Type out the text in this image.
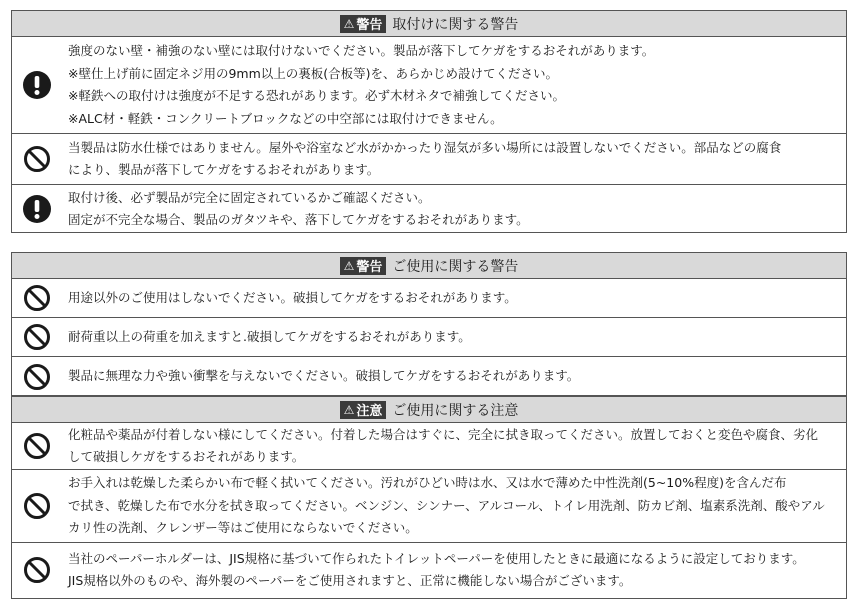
⚠ 警告 取付けに関する警告
強度のない壁・補強のない壁には取付けないでください。製品が落下してケガをするおそれがあります。
※壁仕上げ前に固定ネジ用の9mm以上の裏板(合板等)を、あらかじめ設けてください。
※軽鉄への取付けは強度が不足する恐れがあります。必ず木材ネタで補強してください。
※ALC材・軽鉄・コンクリートブロックなどの中空部には取付けできません。
当製品は防水仕様ではありません。屋外や浴室など水がかかったり湿気が多い場所には設置しないでください。部品などの腐食
により、製品が落下してケガをするおそれがあります。
取付け後、必ず製品が完全に固定されているかご確認ください。
固定が不完全な場合、製品のガタツキや、落下してケガをするおそれがあります。
⚠ 警告 ご使用に関する警告
用途以外のご使用はしないでください。破損してケガをするおそれがあります。
耐荷重以上の荷重を加えますと.破損してケガをするおそれがあります。
製品に無理な力や強い衝撃を与えないでください。破損してケガをするおそれがあります。
⚠ 注意 ご使用に関する注意
化粧品や薬品が付着しない様にしてください。付着した場合はすぐに、完全に拭き取ってください。放置しておくと変色や腐食、劣化
して破損しケガをするおそれがあります。
お手入れは乾燥した柔らかい布で軽く拭いてください。汚れがひどい時は水、又は水で薄めた中性洗剤(5~10%程度)を含んだ布
で拭き、乾燥した布で水分を拭き取ってください。ベンジン、シンナー、アルコール、トイレ用洗剤、防カビ剤、塩素系洗剤、酸やアル
カリ性の洗剤、クレンザー等はご使用にならないでください。
当社のペーパーホルダーは、JIS規格に基づいて作られたトイレットペーパーを使用したときに最適になるように設定しております。
JIS規格以外のものや、海外製のペーパーをご使用されますと、正常に機能しない場合がございます。
